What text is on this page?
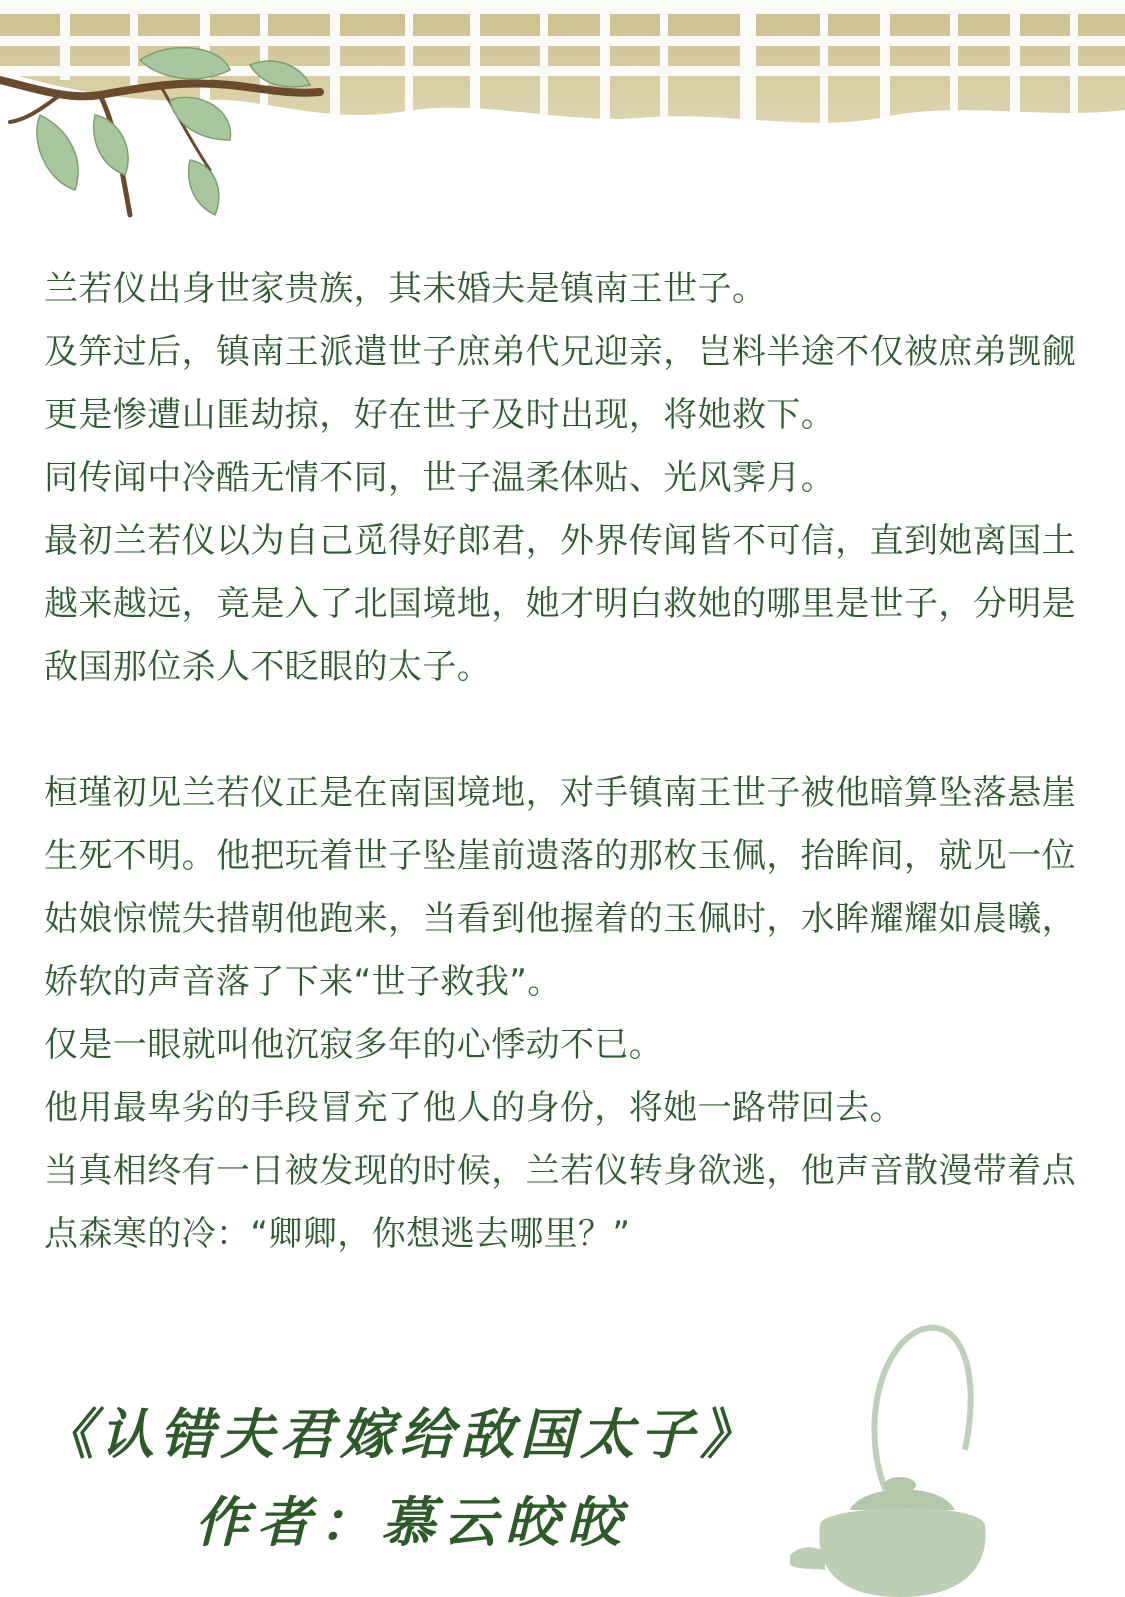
兰若仪出身世家贵族，其未婚夫是镇南王世子。
及笄过后，镇南王派遣世子庶弟代兄迎亲，岂料半途不仅被庶弟觊觎更是惨遭山匪劫掠，好在世子及时出现，将她救下。
同传闻中冷酷无情不同，世子温柔体贴、光风霁月。
最初兰若仪以为自己觅得好郎君，外界传闻皆不可信，直到她离国土越来越远，竟是入了北国境地，她才明白救她的哪里是世子，分明是敌国那位杀人不眨眼的太子。

桓瑾初见兰若仪正是在南国境地，对手镇南王世子被他暗算坠落悬崖生死不明。他把玩着世子坠崖前遗落的那枚玉佩，抬眸间，就见一位姑娘惊慌失措朝他跑来，当看到他握着的玉佩时，水眸耀耀如晨曦，娇软的声音落了下来“世子救我”。
仅是一眼就叫他沉寂多年的心悸动不已。
他用最卑劣的手段冒充了他人的身份，将她一路带回去。
当真相终有一日被发现的时候，兰若仪转身欲逃，他声音散漫带着点点森寒的冷：“卿卿，你想逃去哪里？”

《认错夫君嫁给敌国太子》
作者：慕云皎皎
